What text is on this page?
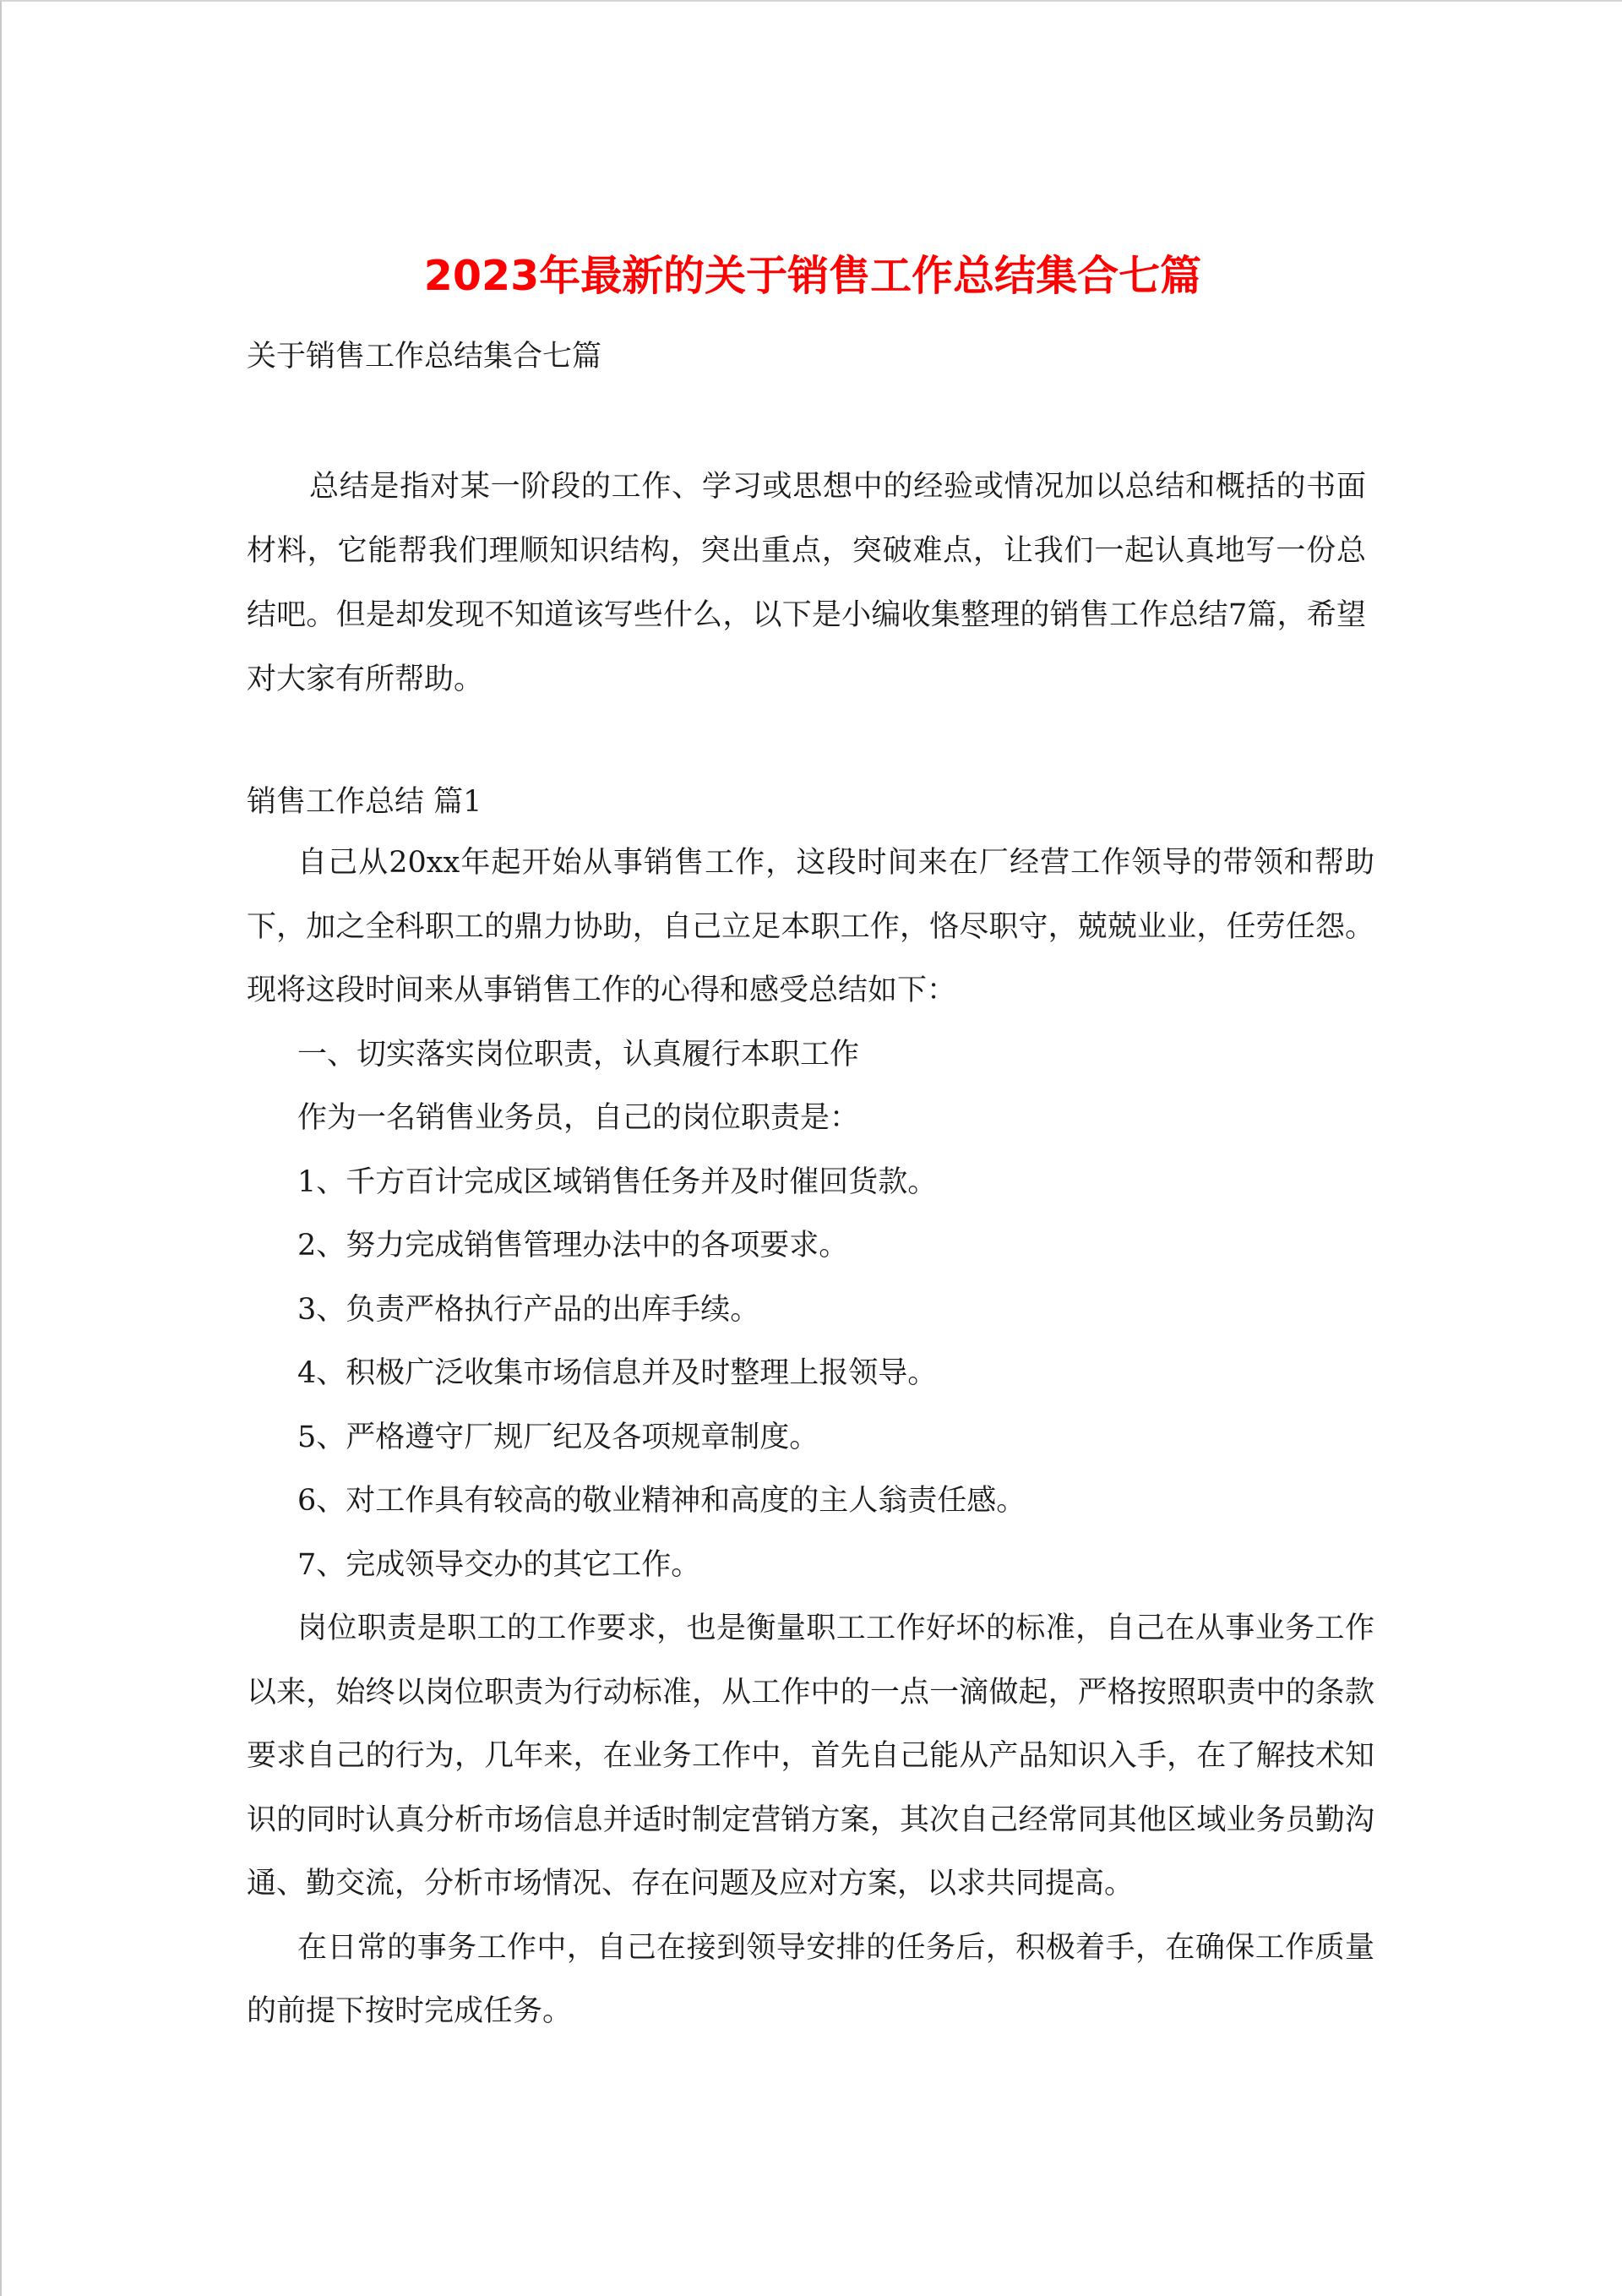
2023年最新的关于销售工作总结集合七篇

关于销售工作总结集合七篇

总结是指对某一阶段的工作、学习或思想中的经验或情况加以总结和概括的书面材料，它能帮我们理顺知识结构，突出重点，突破难点，让我们一起认真地写一份总结吧。但是却发现不知道该写些什么，以下是小编收集整理的销售工作总结7篇，希望对大家有所帮助。

销售工作总结 篇1

自己从20xx年起开始从事销售工作，这段时间来在厂经营工作领导的带领和帮助下，加之全科职工的鼎力协助，自己立足本职工作，恪尽职守，兢兢业业，任劳任怨。现将这段时间来从事销售工作的心得和感受总结如下：

一、切实落实岗位职责，认真履行本职工作

作为一名销售业务员，自己的岗位职责是：

1、千方百计完成区域销售任务并及时催回货款。

2、努力完成销售管理办法中的各项要求。

3、负责严格执行产品的出库手续。

4、积极广泛收集市场信息并及时整理上报领导。

5、严格遵守厂规厂纪及各项规章制度。

6、对工作具有较高的敬业精神和高度的主人翁责任感。

7、完成领导交办的其它工作。

岗位职责是职工的工作要求，也是衡量职工工作好坏的标准，自己在从事业务工作以来，始终以岗位职责为行动标准，从工作中的一点一滴做起，严格按照职责中的条款要求自己的行为，几年来，在业务工作中，首先自己能从产品知识入手，在了解技术知识的同时认真分析市场信息并适时制定营销方案，其次自己经常同其他区域业务员勤沟通、勤交流，分析市场情况、存在问题及应对方案，以求共同提高。

在日常的事务工作中，自己在接到领导安排的任务后，积极着手，在确保工作质量的前提下按时完成任务。
